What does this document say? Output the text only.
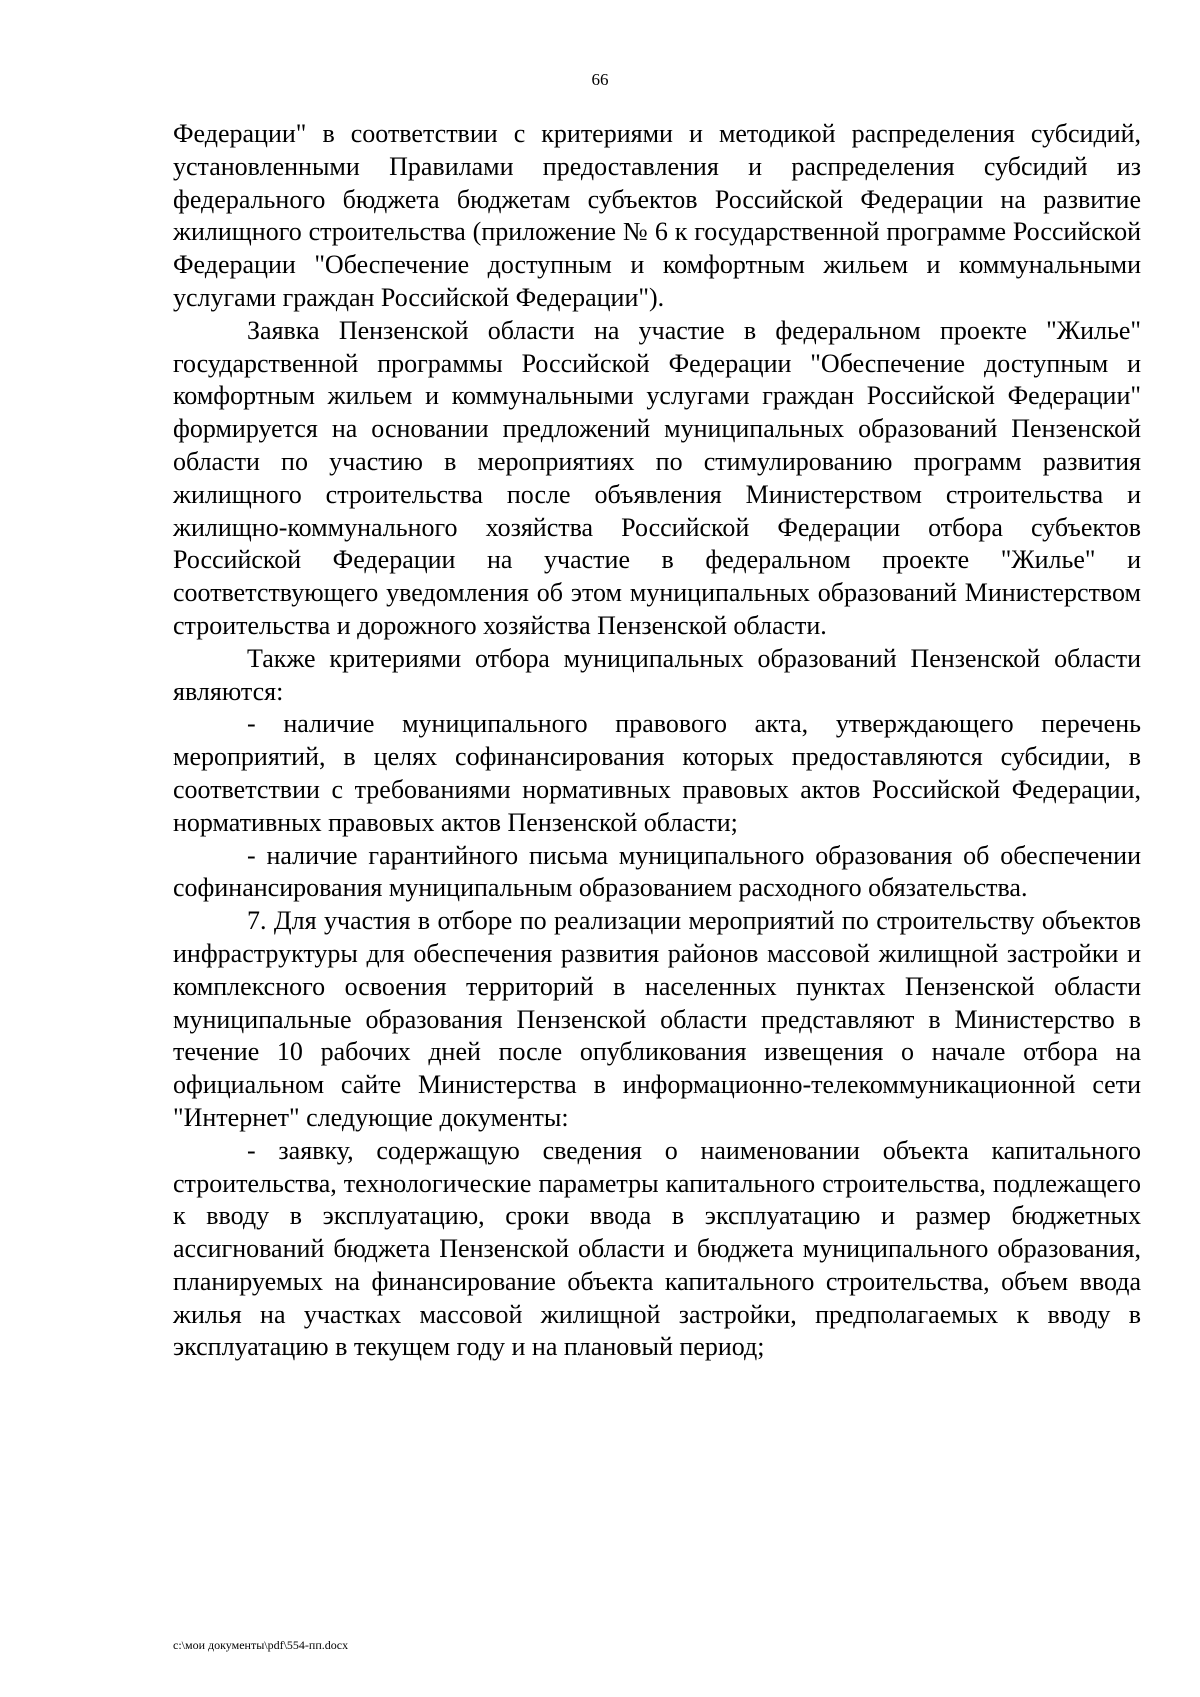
66

Федерации" в соответствии с критериями и методикой распределения субсидий, установленными Правилами предоставления и распределения субсидий из федерального бюджета бюджетам субъектов Российской Федерации на развитие жилищного строительства (приложение № 6 к государственной программе Российской Федерации "Обеспечение доступным и комфортным жильем и коммунальными услугами граждан Российской Федерации").

Заявка Пензенской области на участие в федеральном проекте "Жилье" государственной программы Российской Федерации "Обеспечение доступным и комфортным жильем и коммунальными услугами граждан Российской Федерации" формируется на основании предложений муниципальных образований Пензенской области по участию в мероприятиях по стимулированию программ развития жилищного строительства после объявления Министерством строительства и жилищно-коммунального хозяйства Российской Федерации отбора субъектов Российской Федерации на участие в федеральном проекте "Жилье" и соответствующего уведомления об этом муниципальных образований Министерством строительства и дорожного хозяйства Пензенской области.

Также критериями отбора муниципальных образований Пензенской области являются:

- наличие муниципального правового акта, утверждающего перечень мероприятий, в целях софинансирования которых предоставляются субсидии, в соответствии с требованиями нормативных правовых актов Российской Федерации, нормативных правовых актов Пензенской области;

- наличие гарантийного письма муниципального образования об обеспечении софинансирования муниципальным образованием расходного обязательства.

7. Для участия в отборе по реализации мероприятий по строительству объектов инфраструктуры для обеспечения развития районов массовой жилищной застройки и комплексного освоения территорий в населенных пунктах Пензенской области муниципальные образования Пензенской области представляют в Министерство в течение 10 рабочих дней после опубликования извещения о начале отбора на официальном сайте Министерства в информационно-телекоммуникационной сети "Интернет" следующие документы:

- заявку, содержащую сведения о наименовании объекта капитального строительства, технологические параметры капитального строительства, подлежащего к вводу в эксплуатацию, сроки ввода в эксплуатацию и размер бюджетных ассигнований бюджета Пензенской области и бюджета муниципального образования, планируемых на финансирование объекта капитального строительства, объем ввода жилья на участках массовой жилищной застройки, предполагаемых к вводу в эксплуатацию в текущем году и на плановый период;

c:\мои документы\pdf\554-пп.docx
